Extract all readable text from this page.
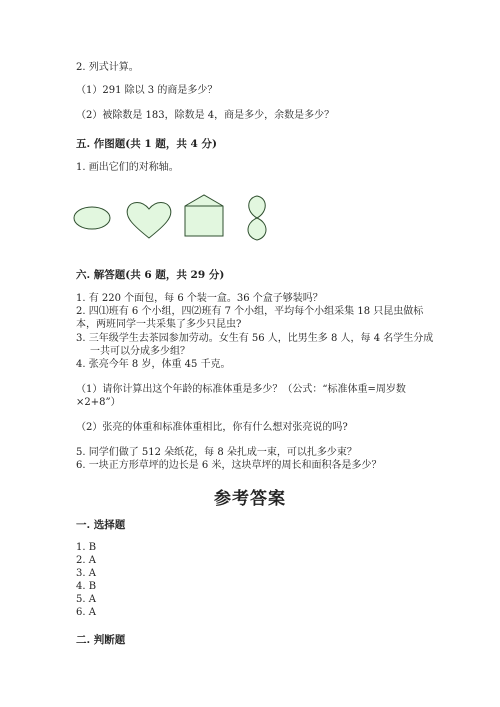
2. 列式计算。
（1）291 除以 3 的商是多少？
（2）被除数是 183，除数是 4，商是多少，余数是多少？
五. 作图题(共 1 题，共 4 分)
1. 画出它们的对称轴。
六. 解答题(共 6 题，共 29 分)
1. 有 220 个面包，每 6 个装一盒。36 个盒子够装吗？
2. 四⑴班有 6 个小组，四⑵班有 7 个小组，平均每个小组采集 18 只昆虫做标
本，两班同学一共采集了多少只昆虫?
3. 三年级学生去茶园参加劳动。女生有 56 人，比男生多 8 人，每 4 名学生分成
一共可以分成多少组？
4. 张亮今年 8 岁，体重 45 千克。
（1）请你计算出这个年龄的标准体重是多少？（公式：“标准体重=周岁数
×2+8”）
（2）张亮的体重和标准体重相比，你有什么想对张亮说的吗?
5. 同学们做了 512 朵纸花，每 8 朵扎成一束，可以扎多少束？
6. 一块正方形草坪的边长是 6 米，这块草坪的周长和面积各是多少？
参考答案
一. 选择题
1. B
2. A
3. A
4. B
5. A
6. A
二. 判断题
